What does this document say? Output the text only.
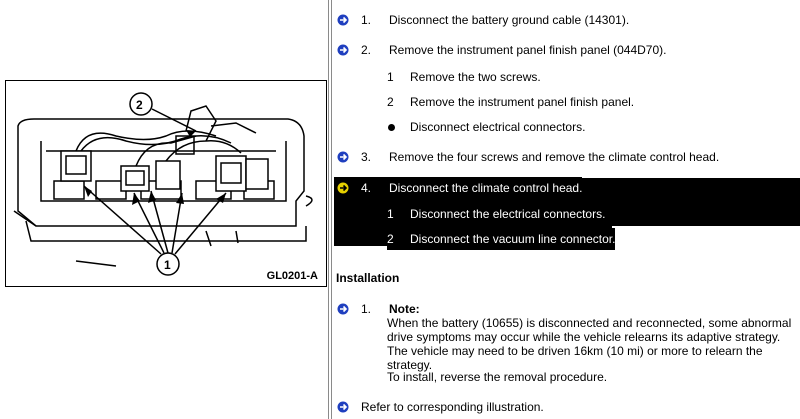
2
1
GL0201-A
1.	Disconnect the battery ground cable (14301).
2.	Remove the instrument panel finish panel (044D70).
1	Remove the two screws.
2	Remove the instrument panel finish panel.
Disconnect electrical connectors.
3.	Remove the four screws and remove the climate control head.
4.	Disconnect the climate control head.
1	Disconnect the electrical connectors.
2	Disconnect the vacuum line connector.
Installation
1.	Note:
When the battery (10655) is disconnected and reconnected, some abnormal drive symptoms may occur while the vehicle relearns its adaptive strategy. The vehicle may need to be driven 16km (10 mi) or more to relearn the strategy.
To install, reverse the removal procedure.
Refer to corresponding illustration.
